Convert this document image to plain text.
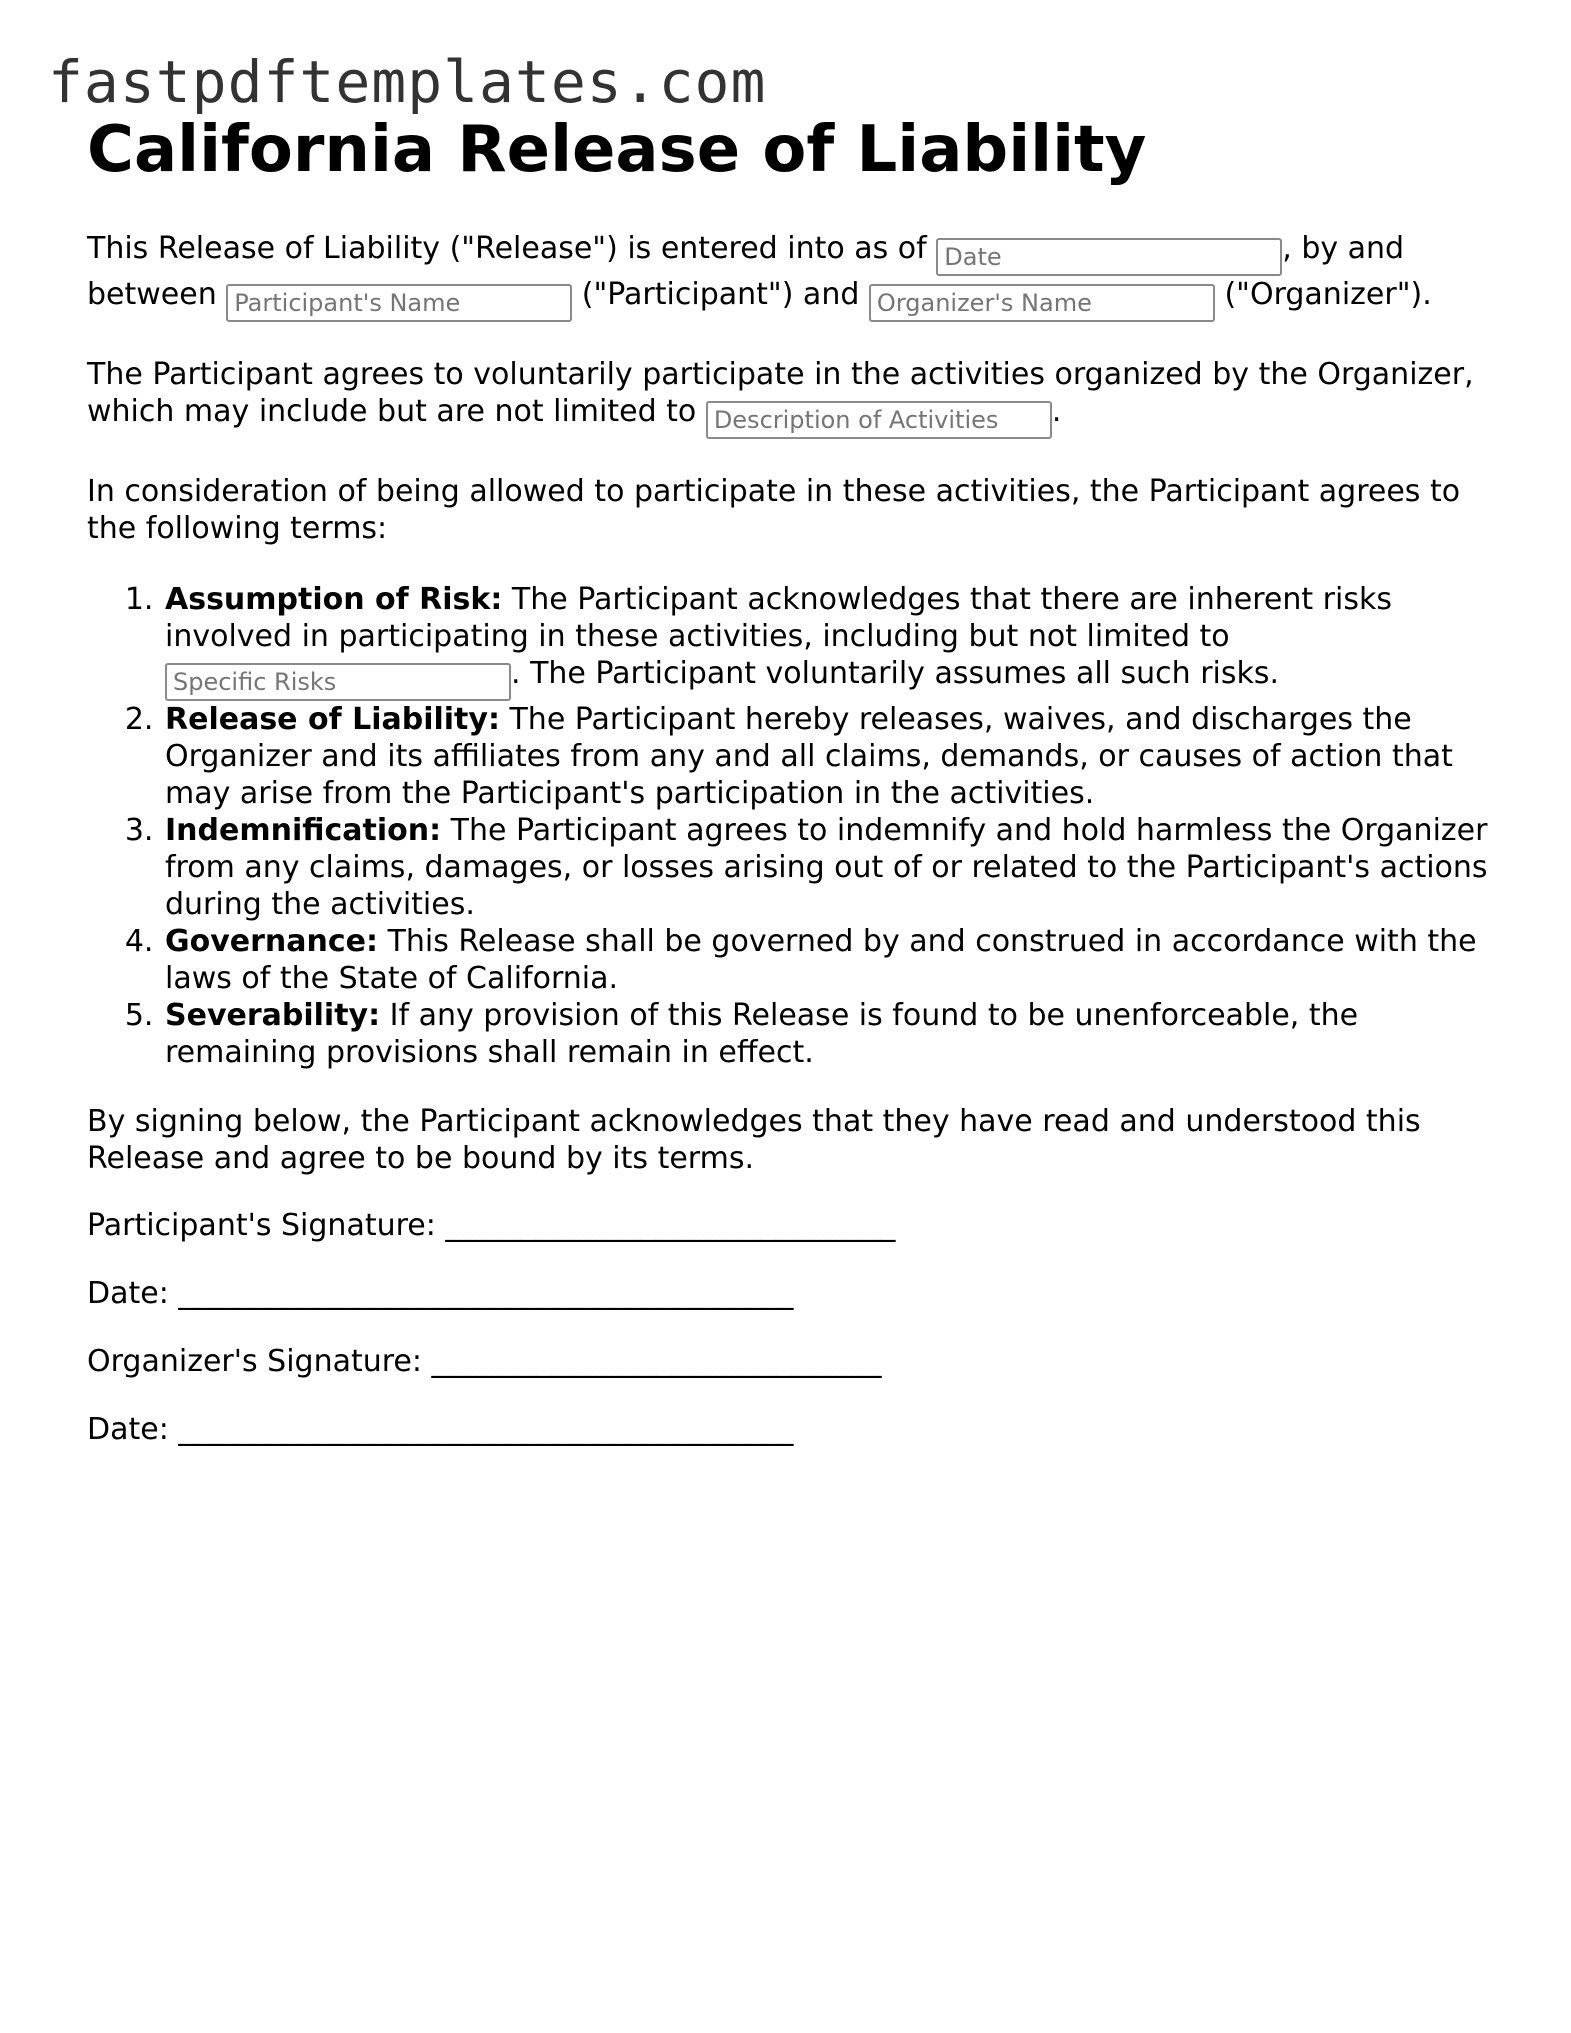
fastpdftemplates.com
California Release of Liability

This Release of Liability ("Release") is entered into as of Date	, by and between Participant's Name	("Participant") and Organizer's Name	("Organizer").

The Participant agrees to voluntarily participate in the activities organized by the Organizer, which may include but are not limited to Description of Activities	.

In consideration of being allowed to participate in these activities, the Participant agrees to the following terms:

1. Assumption of Risk: The Participant acknowledges that there are inherent risks involved in participating in these activities, including but not limited to Specific Risks. The Participant voluntarily assumes all such risks.
2. Release of Liability: The Participant hereby releases, waives, and discharges the Organizer and its affiliates from any and all claims, demands, or causes of action that may arise from the Participant's participation in the activities.
3. Indemnification: The Participant agrees to indemnify and hold harmless the Organizer from any claims, damages, or losses arising out of or related to the Participant's actions during the activities.
4. Governance: This Release shall be governed by and construed in accordance with the laws of the State of California.
5. Severability: If any provision of this Release is found to be unenforceable, the remaining provisions shall remain in effect.

By signing below, the Participant acknowledges that they have read and understood this Release and agree to be bound by its terms.

Participant's Signature: ______________________________

Date: _________________________________________

Organizer's Signature: ______________________________

Date: _________________________________________
